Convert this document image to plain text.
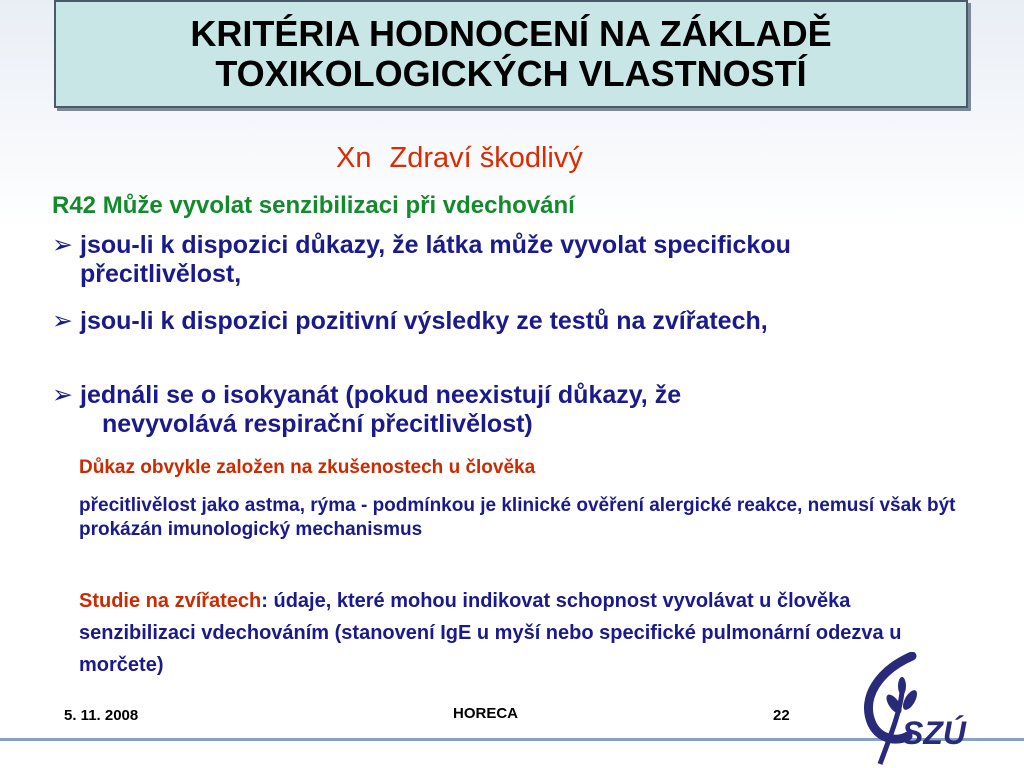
KRITÉRIA HODNOCENÍ NA ZÁKLADĚ
TOXIKOLOGICKÝCH VLASTNOSTÍ
Xn Zdraví škodlivý
R42 Může vyvolat senzibilizaci při vdechování
➢ jsou-li k dispozici důkazy, že látka může vyvolat specifickou přecitlivělost,
➢ jsou-li k dispozici pozitivní výsledky ze testů na zvířatech,
➢ jednáli se o isokyanát (pokud neexistují důkazy, že
nevyvolává respirační přecitlivělost)
Důkaz obvykle založen na zkušenostech u člověka
přecitlivělost jako astma, rýma - podmínkou je klinické ověření alergické reakce, nemusí však být prokázán imunologický mechanismus
Studie na zvířatech: údaje, které mohou indikovat schopnost vyvolávat u člověka senzibilizaci vdechováním (stanovení IgE u myší nebo specifické pulmonární odezva u morčete)
5. 11. 2008	HORECA	22	SZÚ
